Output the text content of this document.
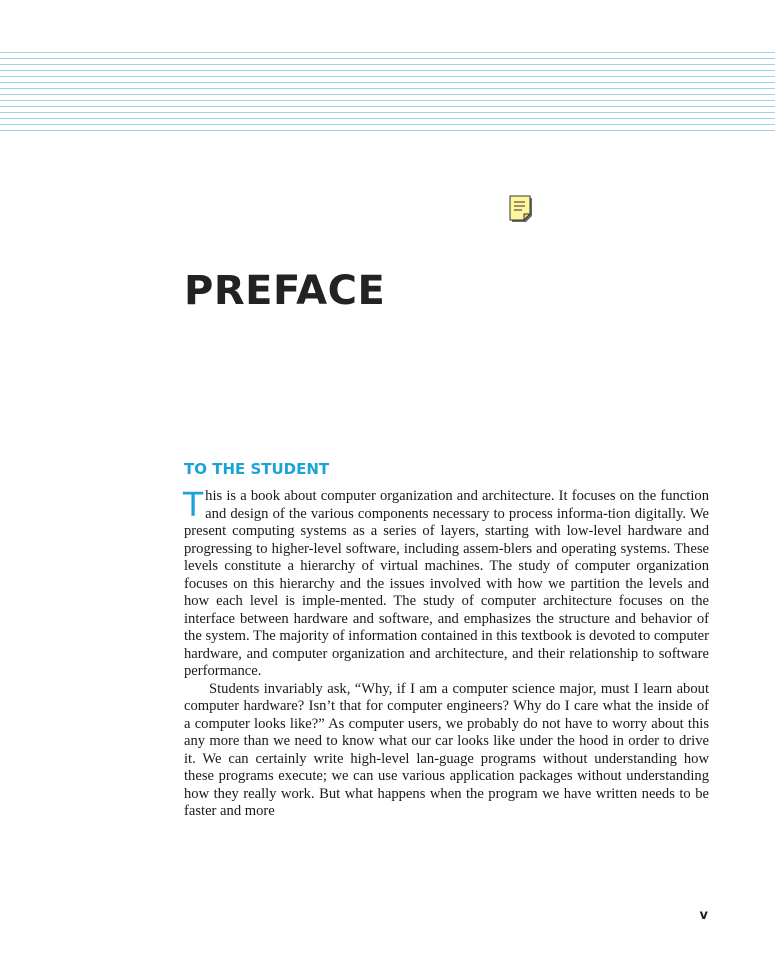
PREFACE
TO THE STUDENT

This is a book about computer organization and architecture. It focuses on the function and design of the various components necessary to process informa-tion digitally. We present computing systems as a series of layers, starting with low-level hardware and progressing to higher-level software, including assem-blers and operating systems. These levels constitute a hierarchy of virtual machines. The study of computer organization focuses on this hierarchy and the issues involved with how we partition the levels and how each level is imple-mented. The study of computer architecture focuses on the interface between hardware and software, and emphasizes the structure and behavior of the system. The majority of information contained in this textbook is devoted to computer hardware, and computer organization and architecture, and their relationship to software performance.

Students invariably ask, “Why, if I am a computer science major, must I learn about computer hardware? Isn’t that for computer engineers? Why do I care what the inside of a computer looks like?” As computer users, we probably do not have to worry about this any more than we need to know what our car looks like under the hood in order to drive it. We can certainly write high-level lan-guage programs without understanding how these programs execute; we can use various application packages without understanding how they really work. But what happens when the program we have written needs to be faster and more

v
